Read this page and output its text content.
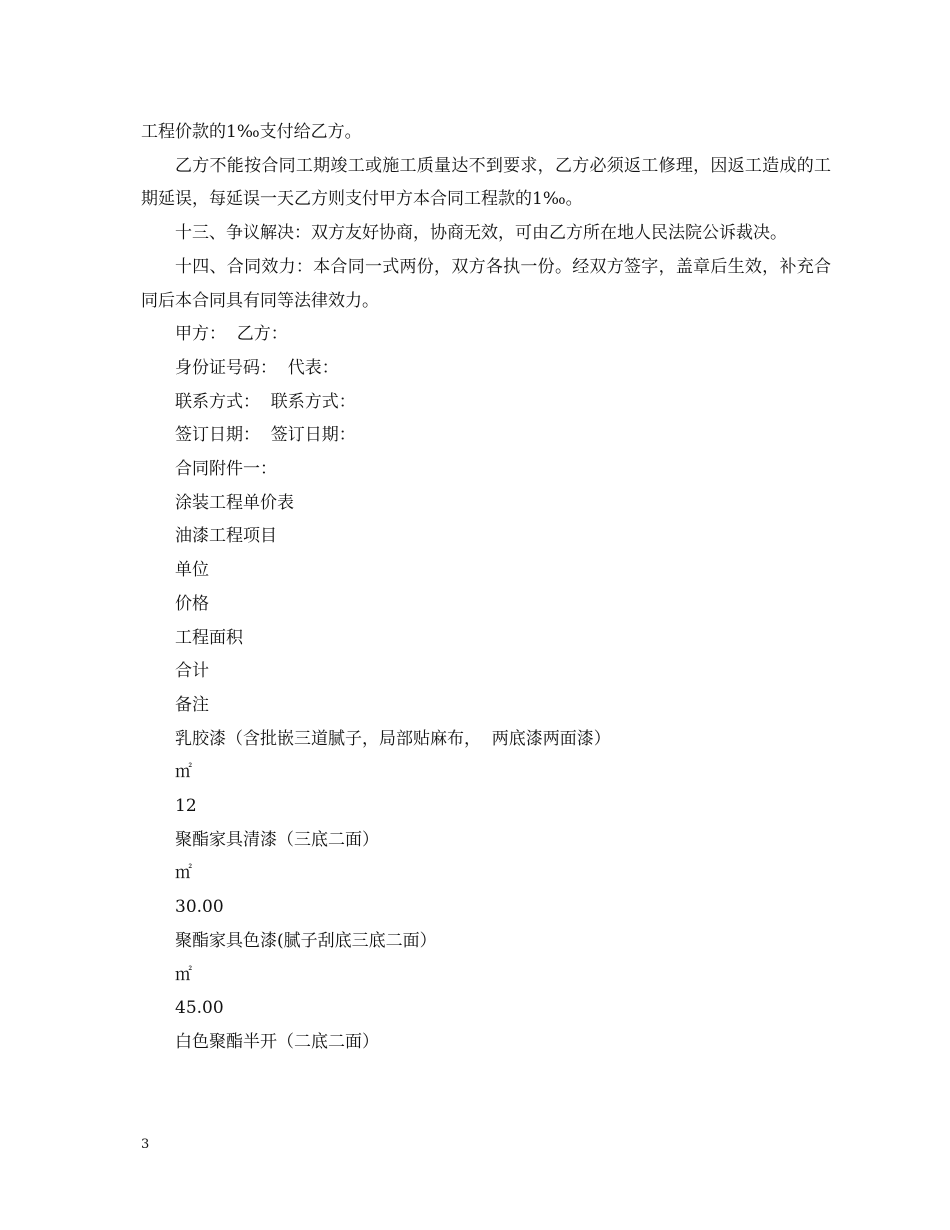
工程价款的1‰支付给乙方。

乙方不能按合同工期竣工或施工质量达不到要求，乙方必须返工修理，因返工造成的工期延误，每延误一天乙方则支付甲方本合同工程款的1‰。

十三、争议解决：双方友好协商，协商无效，可由乙方所在地人民法院公诉裁决。

十四、合同效力：本合同一式两份，双方各执一份。经双方签字，盖章后生效，补充合同后本合同具有同等法律效力。

甲方：  乙方：
身份证号码：  代表：
联系方式：  联系方式：
签订日期：  签订日期：
合同附件一：
涂装工程单价表
油漆工程项目
单位
价格
工程面积
合计
备注
乳胶漆（含批嵌三道腻子，局部贴麻布，  两底漆两面漆）
㎡
12
聚酯家具清漆（三底二面）
㎡
30.00
聚酯家具色漆(腻子刮底三底二面）
㎡
45.00
白色聚酯半开（二底二面）
3
